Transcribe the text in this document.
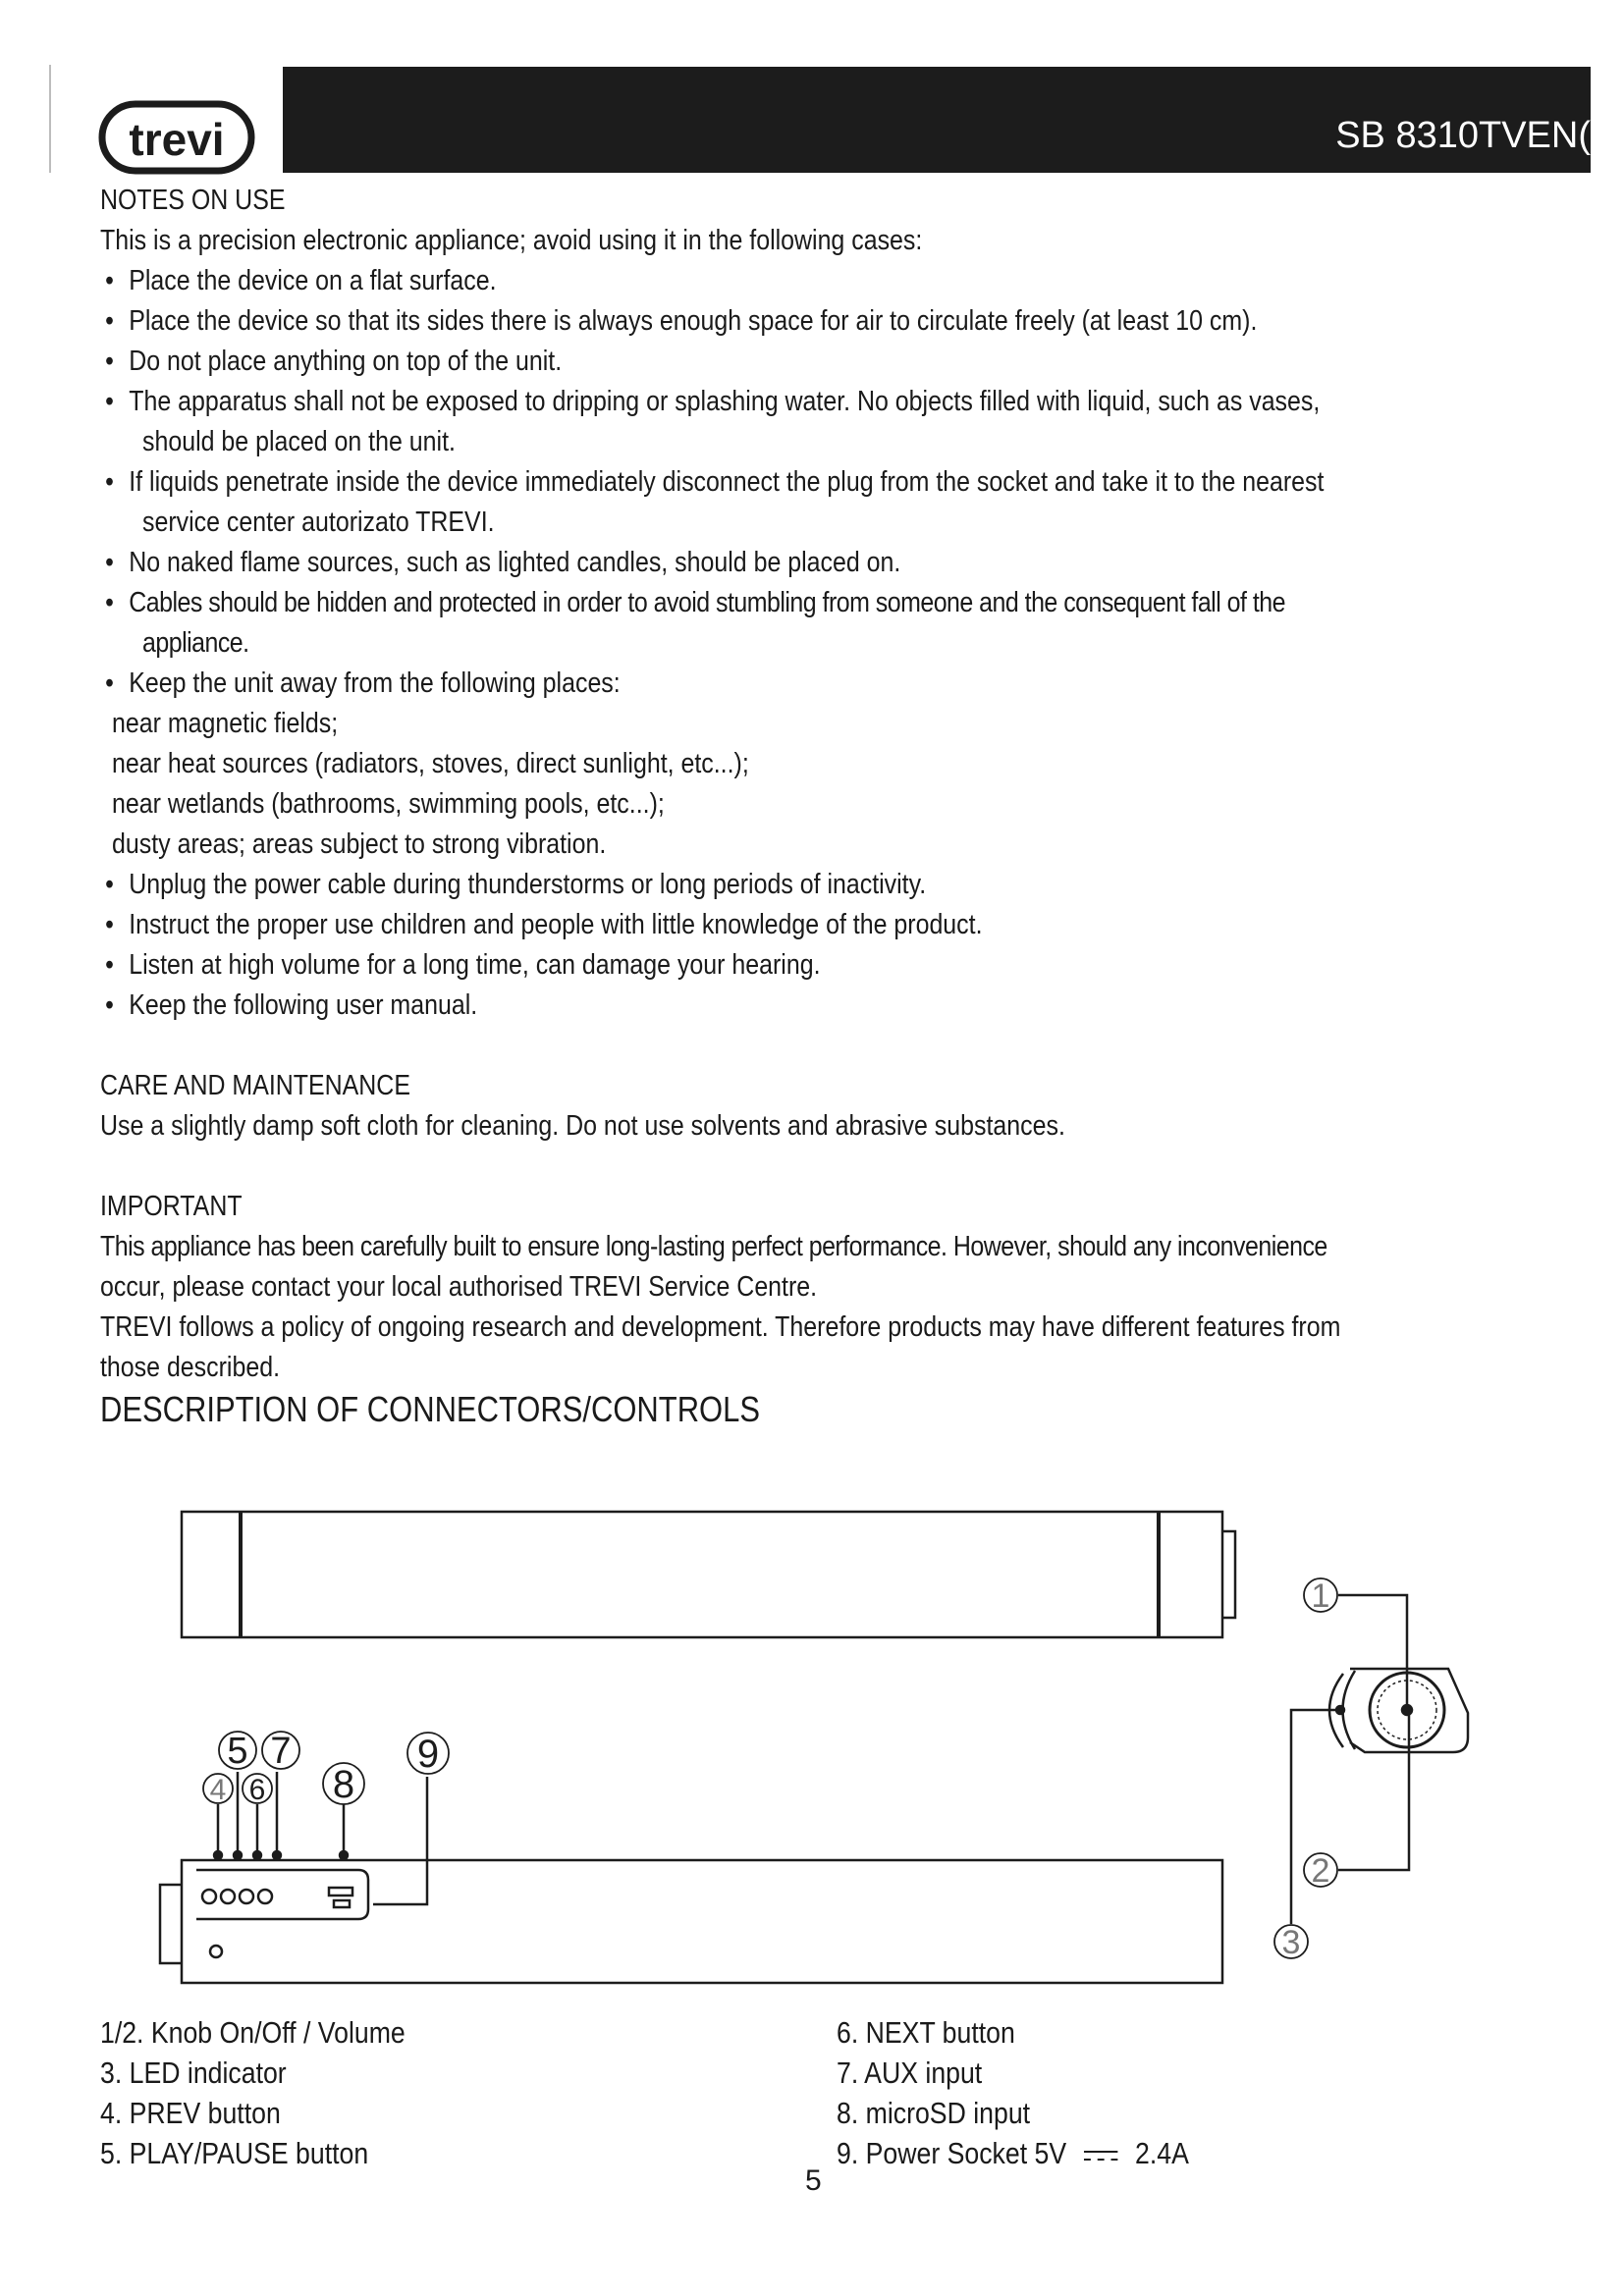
trevi	SB 8310TVEN(

NOTES ON USE

This is a precision electronic appliance; avoid using it in the following cases:

• Place the device on a flat surface.
• Place the device so that its sides there is always enough space for air to circulate freely (at least 10 cm).
• Do not place anything on top of the unit.
• The apparatus shall not be exposed to dripping or splashing water. No objects filled with liquid, such as vases,
should be placed on the unit.
• If liquids penetrate inside the device immediately disconnect the plug from the socket and take it to the nearest
service center autorizato TREVI.
• No naked flame sources, such as lighted candles, should be placed on.
• Cables should be hidden and protected in order to avoid stumbling from someone and the consequent fall of the
appliance.
• Keep the unit away from the following places:

near magnetic fields;

near heat sources (radiators, stoves, direct sunlight, etc...);

near wetlands (bathrooms, swimming pools, etc...);

dusty areas; areas subject to strong vibration.

• Unplug the power cable during thunderstorms or long periods of inactivity.
• Instruct the proper use children and people with little knowledge of the product.
• Listen at high volume for a long time, can damage your hearing.
• Keep the following user manual.

CARE AND MAINTENANCE

Use a slightly damp soft cloth for cleaning. Do not use solvents and abrasive substances.

IMPORTANT

This appliance has been carefully built to ensure long-lasting perfect performance. However, should any inconvenience

occur, please contact your local authorised TREVI Service Centre.

TREVI follows a policy of ongoing research and development. Therefore products may have different features from

those described.

DESCRIPTION OF CONNECTORS/CONTROLS

4
5
6
7
8
9
1
2
3
1/2. Knob On/Off / Volume
3. LED indicator
4. PREV button
5. PLAY/PAUSE button
6. NEXT button
7. AUX input
8. microSD input
9. Power Socket 5V 2.4A
5
